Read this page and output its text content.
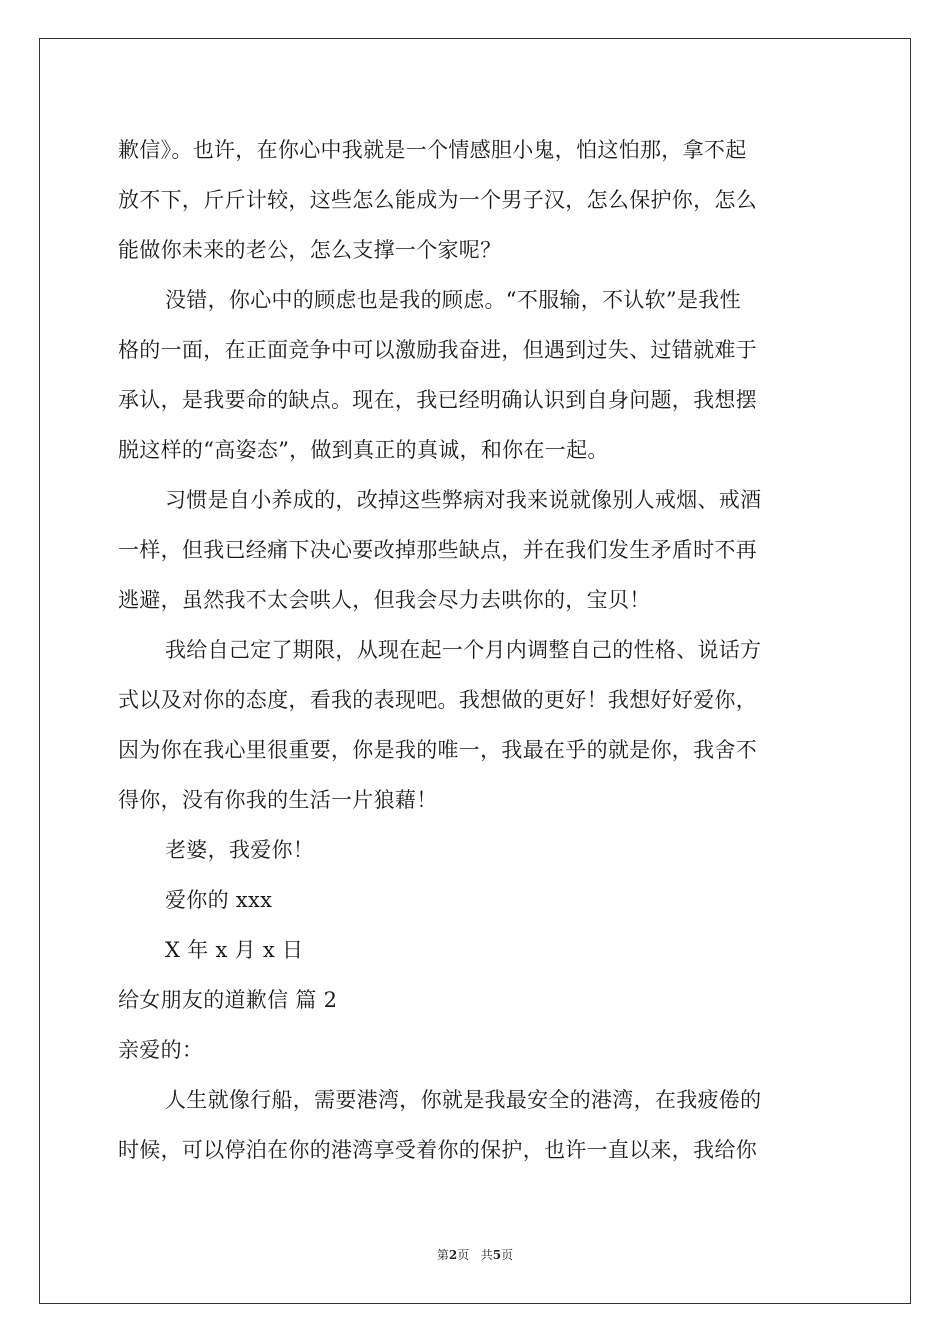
歉信》。也许，在你心中我就是一个情感胆小鬼，怕这怕那，拿不起
放不下，斤斤计较，这些怎么能成为一个男子汉，怎么保护你，怎么
能做你未来的老公，怎么支撑一个家呢？
没错，你心中的顾虑也是我的顾虑。“不服输，不认软”是我性
格的一面，在正面竞争中可以激励我奋进，但遇到过失、过错就难于
承认，是我要命的缺点。现在，我已经明确认识到自身问题，我想摆
脱这样的“高姿态”，做到真正的真诚，和你在一起。
习惯是自小养成的，改掉这些弊病对我来说就像别人戒烟、戒酒
一样，但我已经痛下决心要改掉那些缺点，并在我们发生矛盾时不再
逃避，虽然我不太会哄人，但我会尽力去哄你的，宝贝！
我给自己定了期限，从现在起一个月内调整自己的性格、说话方
式以及对你的态度，看我的表现吧。我想做的更好！我想好好爱你，
因为你在我心里很重要，你是我的唯一，我最在乎的就是你，我舍不
得你，没有你我的生活一片狼藉！
老婆，我爱你！
爱你的 xxx
X 年 x 月 x 日
给女朋友的道歉信 篇 2
亲爱的：
人生就像行船，需要港湾，你就是我最安全的港湾，在我疲倦的
时候，可以停泊在你的港湾享受着你的保护，也许一直以来，我给你
第2页 共5页
